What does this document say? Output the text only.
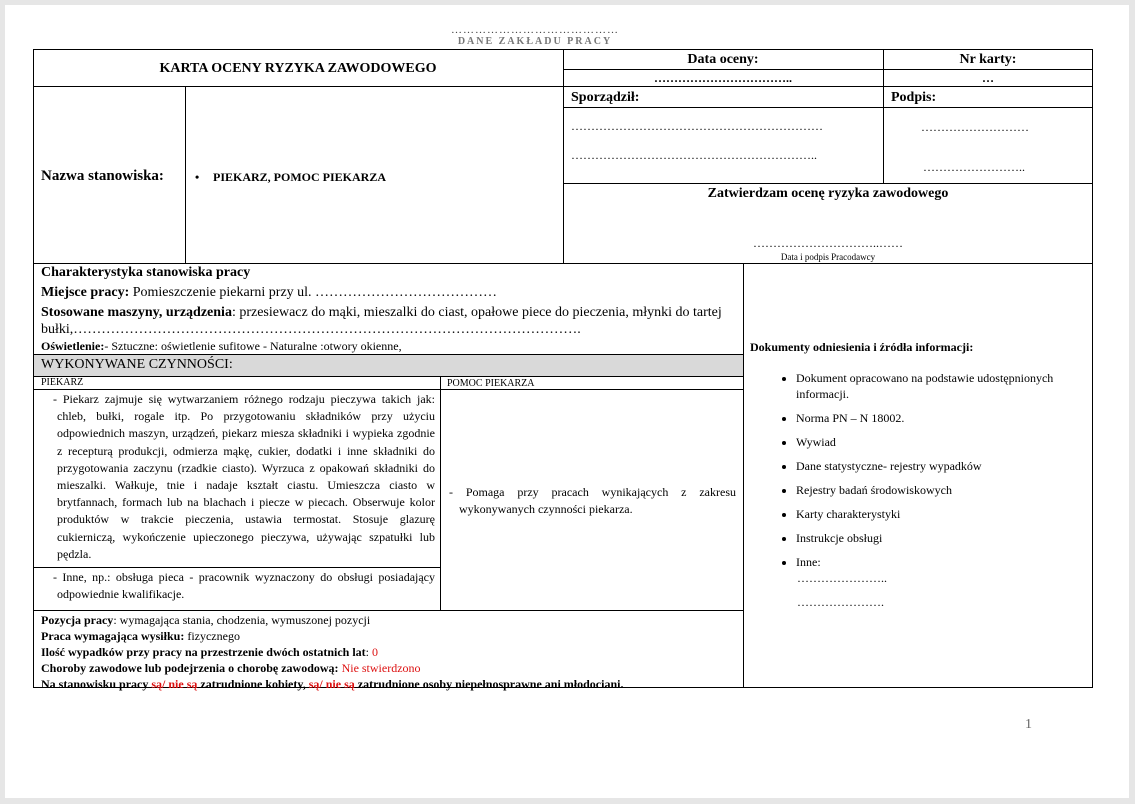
……………………………………
DANE ZAKŁADU PRACY
KARTA OCENY RYZYKA ZAWODOWEGO
Data oceny:
……………………………..
Nr karty:
…
Sporządził:	Podpis:
………………………………………………………
……………………………………………………..
………………………
……………………..
Zatwierdzam ocenę ryzyka zawodowego
…………………………..……
Data i podpis Pracodawcy
Nazwa stanowiska:	• PIEKARZ, POMOC PIEKARZA
Charakterystyka stanowiska pracy
Miejsce pracy: Pomieszczenie piekarni przy ul. …………………………………
Stosowane maszyny, urządzenia: przesiewacz do mąki, mieszalki do ciast, opałowe piece do pieczenia, młynki do tartej bułki,……………………………………………………………………………………………….
Oświetlenie:- Sztuczne: oświetlenie sufitowe - Naturalne :otwory okienne,
WYKONYWANE CZYNNOŚCI:
PIEKARZ	POMOC PIEKARZA
- Piekarz zajmuje się wytwarzaniem różnego rodzaju pieczywa takich jak: chleb, bułki, rogale itp. Po przygotowaniu składników przy użyciu odpowiednich maszyn, urządzeń, piekarz miesza składniki i wypieka zgodnie z recepturą produkcji, odmierza mąkę, cukier, dodatki i inne składniki do przygotowania zaczynu (rzadkie ciasto). Wyrzuca z opakowań składniki do mieszalki. Wałkuje, tnie i nadaje kształt ciastu. Umieszcza ciasto w brytfannach, formach lub na blachach i piecze w piecach. Obserwuje kolor produktów w trakcie pieczenia, ustawia termostat. Stosuje glazurę cukierniczą, wykończenie upieczonego pieczywa, używając szpatułki lub pędzla.
- Inne, np.: obsługa pieca - pracownik wyznaczony do obsługi posiadający odpowiednie kwalifikacje.
- Pomaga przy pracach wynikających z zakresu wykonywanych czynności piekarza.
Pozycja pracy: wymagająca stania, chodzenia, wymuszonej pozycji
Praca wymagająca wysiłku: fizycznego
Ilość wypadków przy pracy na przestrzenie dwóch ostatnich lat: 0
Choroby zawodowe lub podejrzenia o chorobę zawodową: Nie stwierdzono
Na stanowisku pracy są/ nie są zatrudnione kobiety, są/ nie są zatrudnione osoby niepełnosprawne ani młodociani.
Dokumenty odniesienia i źródła informacji:
• Dokument opracowano na podstawie udostępnionych informacji.
• Norma PN – N 18002.
• Wywiad
• Dane statystyczne- rejestry wypadków
• Rejestry badań środowiskowych
• Karty charakterystyki
• Instrukcje obsługi
• Inne:
…………………..
………………….
1
